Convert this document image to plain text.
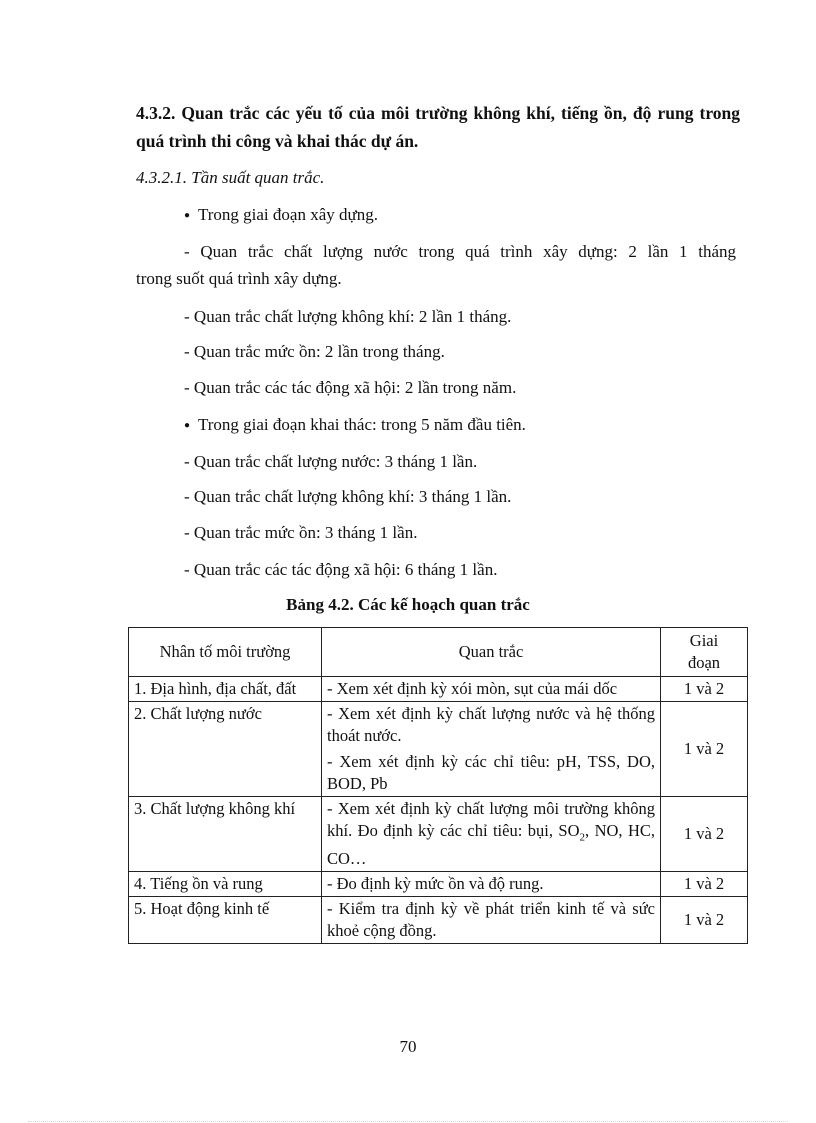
4.3.2. Quan trắc các yếu tố của môi trường không khí, tiếng ồn, độ rung trong quá trình thi công và khai thác dự án.
4.3.2.1. Tần suất quan trắc.
● Trong giai đoạn xây dựng.
- Quan trắc chất lượng nước trong quá trình xây dựng: 2 lần 1 tháng
trong suốt quá trình xây dựng.
- Quan trắc chất lượng không khí: 2 lần 1 tháng.
- Quan trắc mức ồn: 2 lần trong tháng.
- Quan trắc các tác động xã hội: 2 lần trong năm.
● Trong giai đoạn khai thác: trong 5 năm đầu tiên.
- Quan trắc chất lượng nước: 3 tháng 1 lần.
- Quan trắc chất lượng không khí: 3 tháng 1 lần.
- Quan trắc mức ồn: 3 tháng 1 lần.
- Quan trắc các tác động xã hội: 6 tháng 1 lần.
Bảng 4.2. Các kế hoạch quan trắc
Nhân tố môi trường	Quan trắc	Giai đoạn
1. Địa hình, địa chất, đất	- Xem xét định kỳ xói mòn, sụt của mái dốc	1 và 2
2. Chất lượng nước	- Xem xét định kỳ chất lượng nước và hệ thống thoát nước.
- Xem xét định kỳ các chỉ tiêu: pH, TSS, DO, BOD, Pb	1 và 2
3. Chất lượng không khí	- Xem xét định kỳ chất lượng môi trường không khí. Đo định kỳ các chỉ tiêu: bụi, $SO_2$, NO, HC, CO…	1 và 2
4. Tiếng ồn và rung	- Đo định kỳ mức ồn và độ rung.	1 và 2
5. Hoạt động kinh tế	- Kiểm tra định kỳ về phát triển kinh tế và sức khoẻ cộng đồng.	1 và 2
70
